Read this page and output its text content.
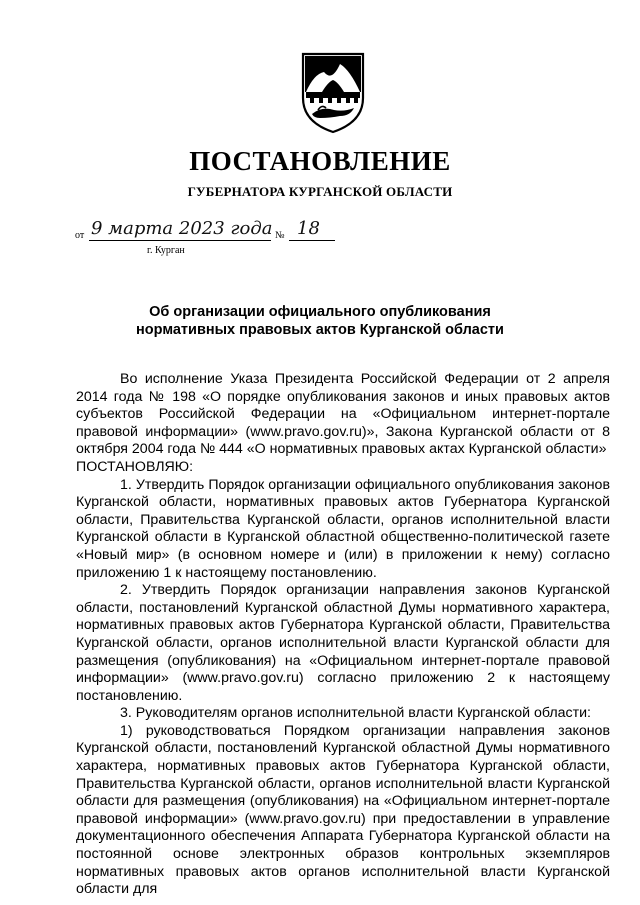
ПОСТАНОВЛЕНИЕ
ГУБЕРНАТОРА КУРГАНСКОЙ ОБЛАСТИ
от 9 марта 2023 года № 18
г. Курган
Об организации официального опубликования
нормативных правовых актов Курганской области

Во исполнение Указа Президента Российской Федерации от 2 апреля 2014 года № 198 «О порядке опубликования законов и иных правовых актов субъектов Российской Федерации на «Официальном интернет-портале правовой информации» (www.pravo.gov.ru)», Закона Курганской области от 8 октября 2004 года № 444 «О нормативных правовых актах Курганской области»

ПОСТАНОВЛЯЮ:

1. Утвердить Порядок организации официального опубликования законов Курганской области, нормативных правовых актов Губернатора Курганской области, Правительства Курганской области, органов исполнительной власти Курганской области в Курганской областной общественно-политической газете «Новый мир» (в основном номере и (или) в приложении к нему) согласно приложению 1 к настоящему постановлению.

2. Утвердить Порядок организации направления законов Курганской области, постановлений Курганской областной Думы нормативного характера, нормативных правовых актов Губернатора Курганской области, Правительства Курганской области, органов исполнительной власти Курганской области для размещения (опубликования) на «Официальном интернет-портале правовой информации» (www.pravo.gov.ru) согласно приложению 2 к настоящему постановлению.

3. Руководителям органов исполнительной власти Курганской области:

1) руководствоваться Порядком организации направления законов Курганской области, постановлений Курганской областной Думы нормативного характера, нормативных правовых актов Губернатора Курганской области, Правительства Курганской области, органов исполнительной власти Курганской области для размещения (опубликования) на «Официальном интернет-портале правовой информации» (www.pravo.gov.ru) при предоставлении в управление документационного обеспечения Аппарата Губернатора Курганской области на постоянной основе электронных образов контрольных экземпляров нормативных правовых актов органов исполнительной власти Курганской области для
